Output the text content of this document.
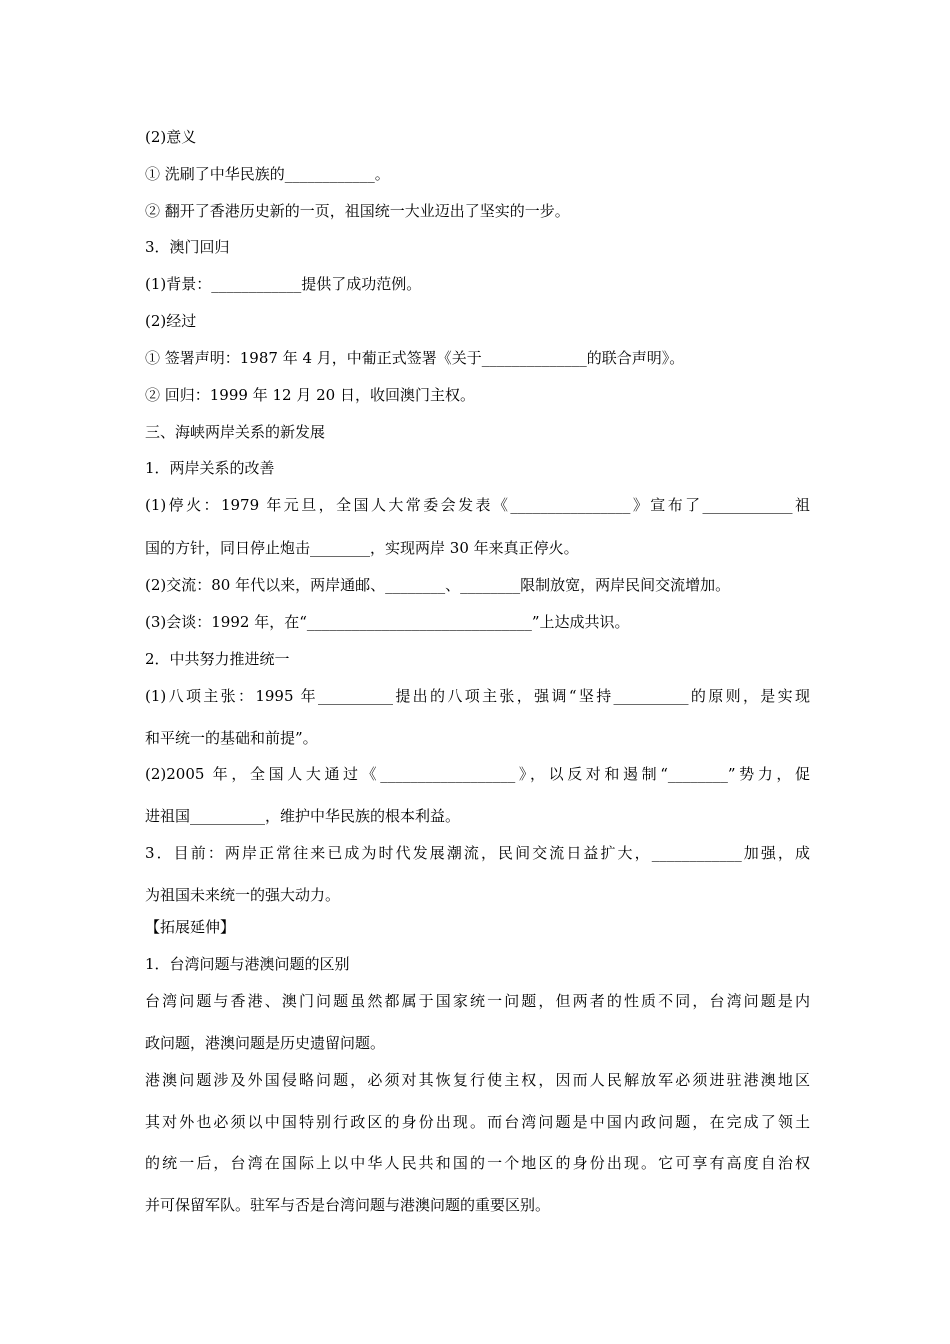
(2)意义
① 洗刷了中华民族的____________。
② 翻开了香港历史新的一页，祖国统一大业迈出了坚实的一步。
3．澳门回归
(1)背景：____________提供了成功范例。
(2)经过
① 签署声明：1987 年 4 月，中葡正式签署《关于______________的联合声明》。
② 回归：1999 年 12 月 20 日，收回澳门主权。
三、海峡两岸关系的新发展
1．两岸关系的改善
(1)停火：1979 年元旦，全国人大常委会发表《________________》宣布了____________祖
国的方针，同日停止炮击________，实现两岸 30 年来真正停火。
(2)交流：80 年代以来，两岸通邮、________、________限制放宽，两岸民间交流增加。
(3)会谈：1992 年，在“______________________________”上达成共识。
2．中共努力推进统一
(1)八项主张：1995 年__________提出的八项主张，强调“坚持__________的原则，是实现
和平统一的基础和前提”。
(2)2005 年，全国人大通过《__________________》，以反对和遏制“________”势力，促
进祖国__________，维护中华民族的根本利益。
3．目前：两岸正常往来已成为时代发展潮流，民间交流日益扩大，____________加强，成
为祖国未来统一的强大动力。
【拓展延伸】
1．台湾问题与港澳问题的区别
台湾问题与香港、澳门问题虽然都属于国家统一问题，但两者的性质不同，台湾问题是内
政问题，港澳问题是历史遗留问题。
港澳问题涉及外国侵略问题，必须对其恢复行使主权，因而人民解放军必须进驻港澳地区
其对外也必须以中国特别行政区的身份出现。而台湾问题是中国内政问题，在完成了领土
的统一后，台湾在国际上以中华人民共和国的一个地区的身份出现。它可享有高度自治权
并可保留军队。驻军与否是台湾问题与港澳问题的重要区别。
